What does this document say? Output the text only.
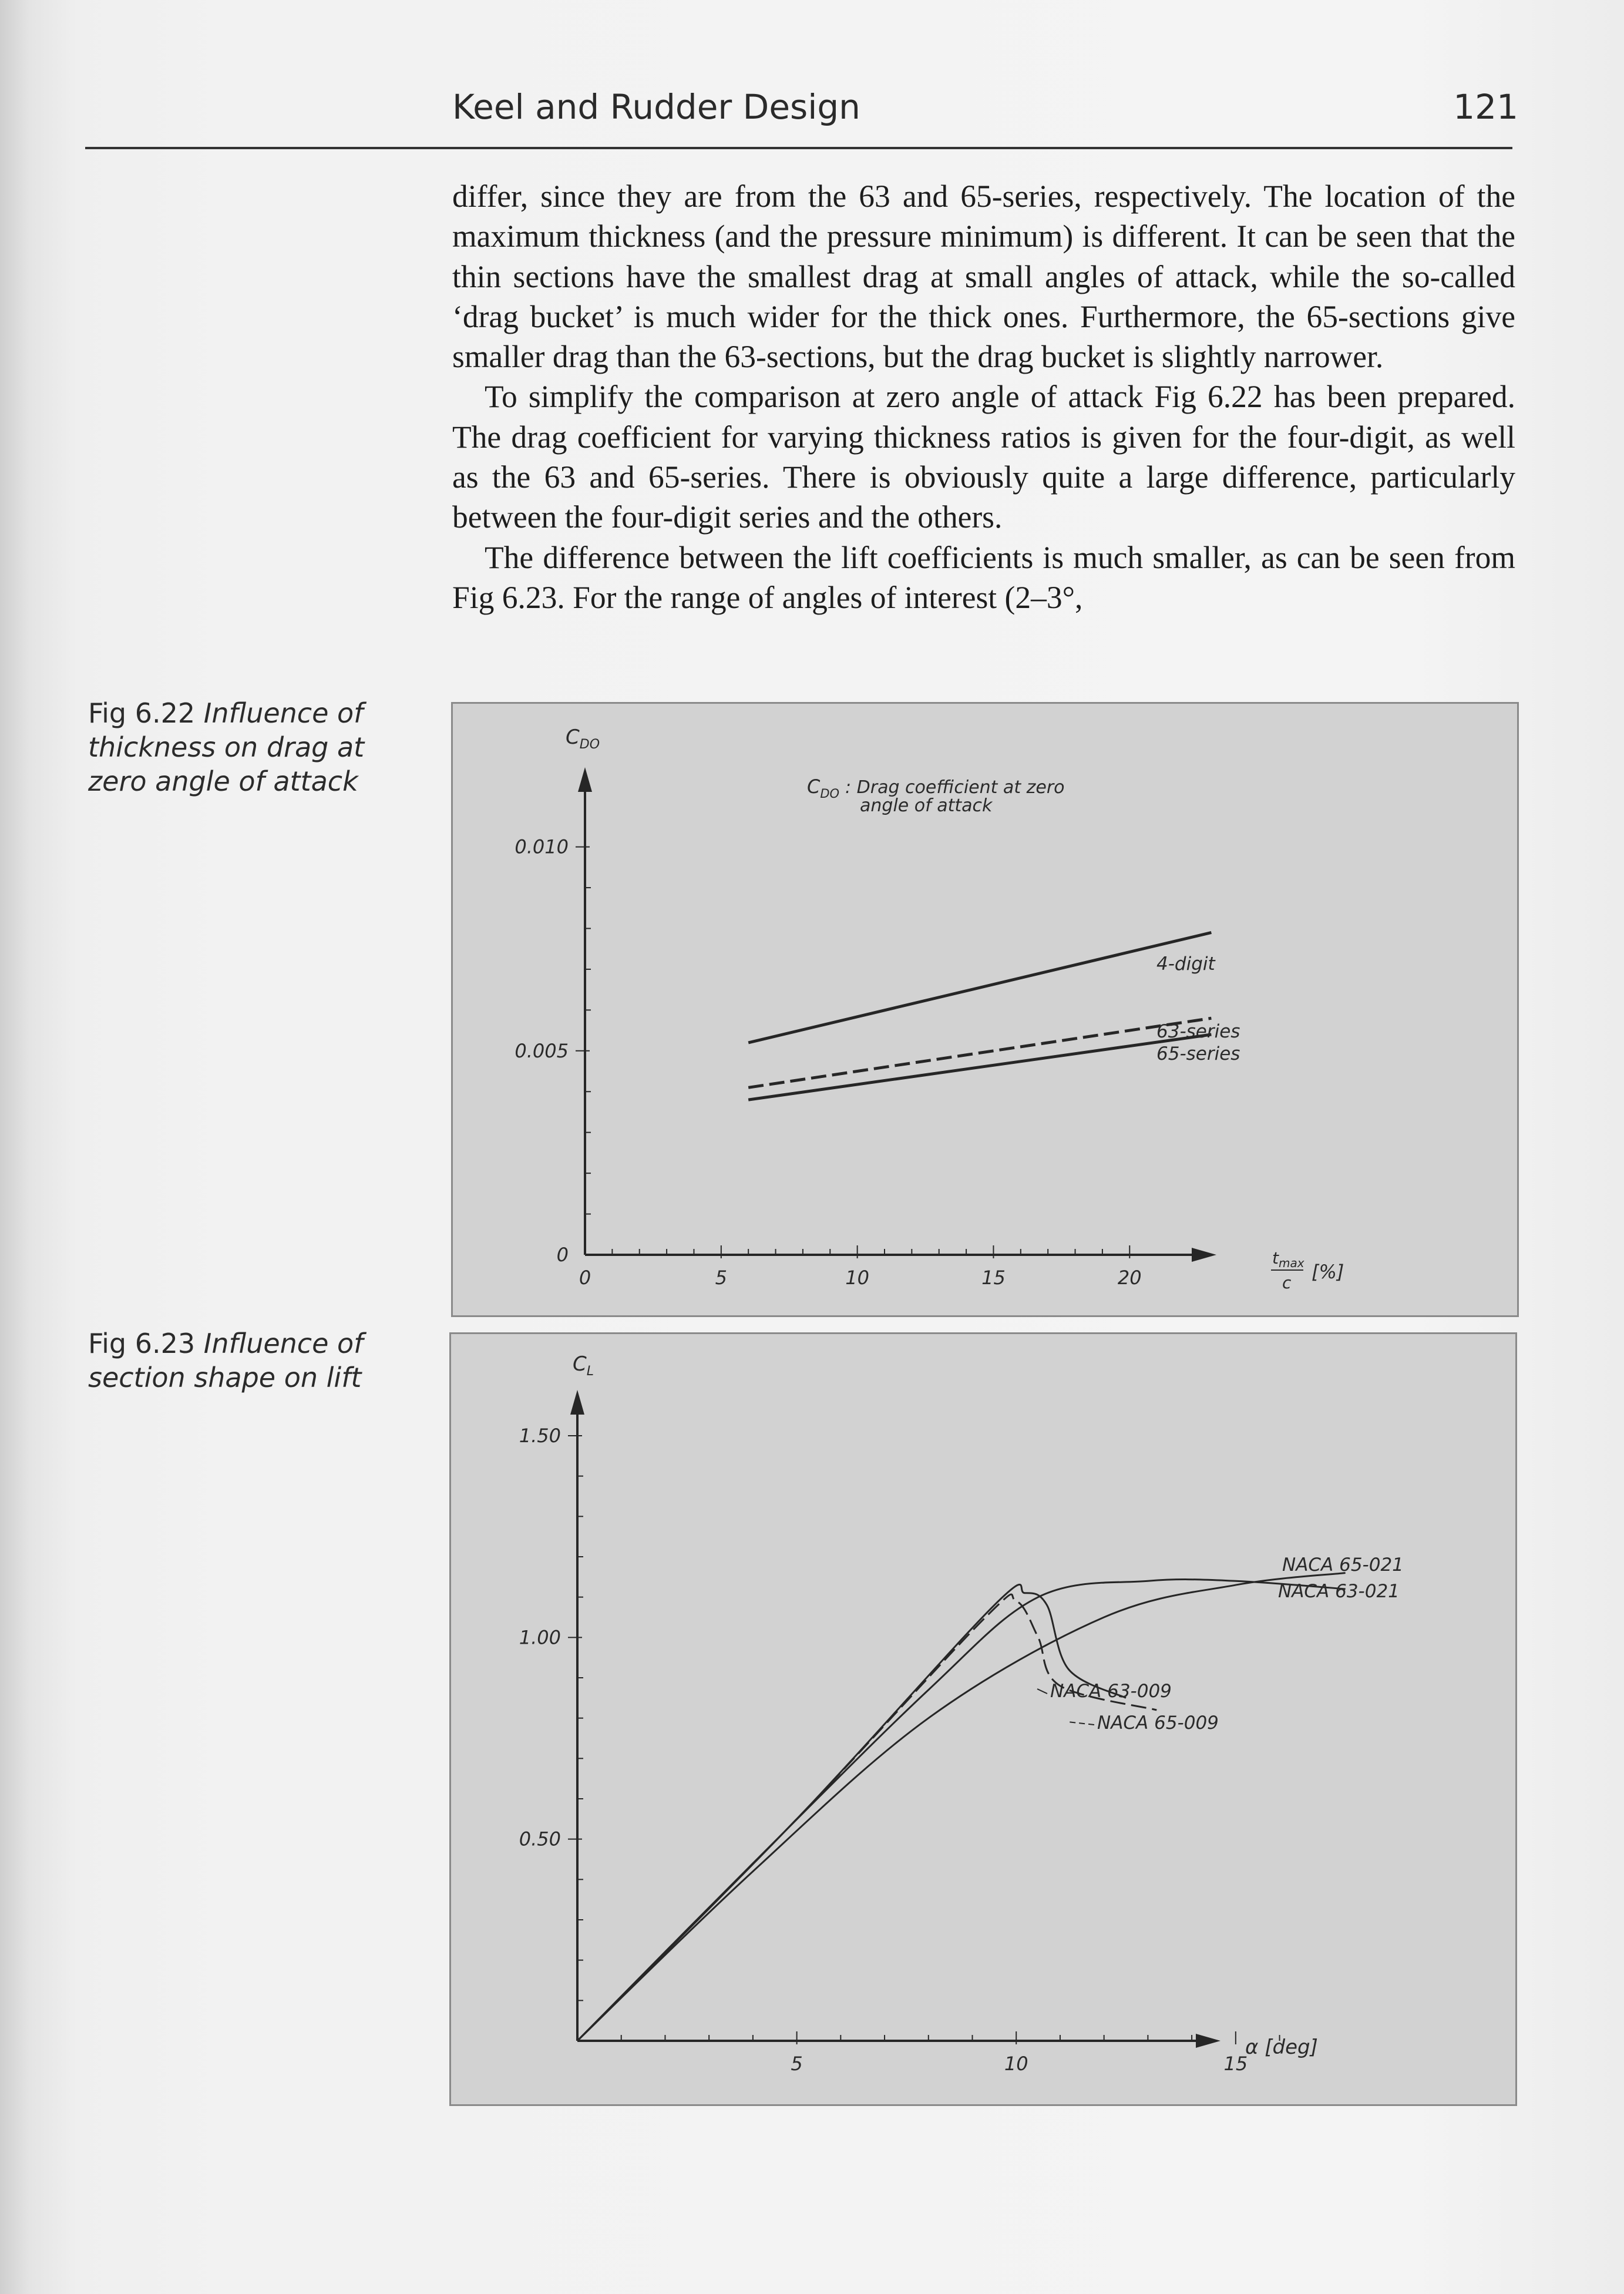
Keel and Rudder Design	121

differ, since they are from the 63 and 65-series, respectively. The location of the maximum thickness (and the pressure minimum) is different. It can be seen that the thin sections have the smallest drag at small angles of attack, while the so-called ‘drag bucket’ is much wider for the thick ones. Furthermore, the 65-sections give smaller drag than the 63-sections, but the drag bucket is slightly narrower.

To simplify the comparison at zero angle of attack Fig 6.22 has been prepared. The drag coefficient for varying thickness ratios is given for the four-digit, as well as the 63 and 65-series. There is obviously quite a large difference, particularly between the four-digit series and the others.

The difference between the lift coefficients is much smaller, as can be seen from Fig 6.23. For the range of angles of interest (2–3°,

Fig 6.22 Influence of thickness on drag at zero angle of attack

Fig 6.23 Influence of section shape on lift

0	5	10	15	20
0
0.005
0.010
4-digit
63-series
65-series
$C_{DO}$
$C_{DO}$ : Drag coefficient at zero
angle of attack
$t_{max}$
c [%]
5	10	15
0.50
1.00
1.50
NACA 65-021
NACA 63-021
NACA 63-009
NACA 65-009
$C_L$
α [deg]
